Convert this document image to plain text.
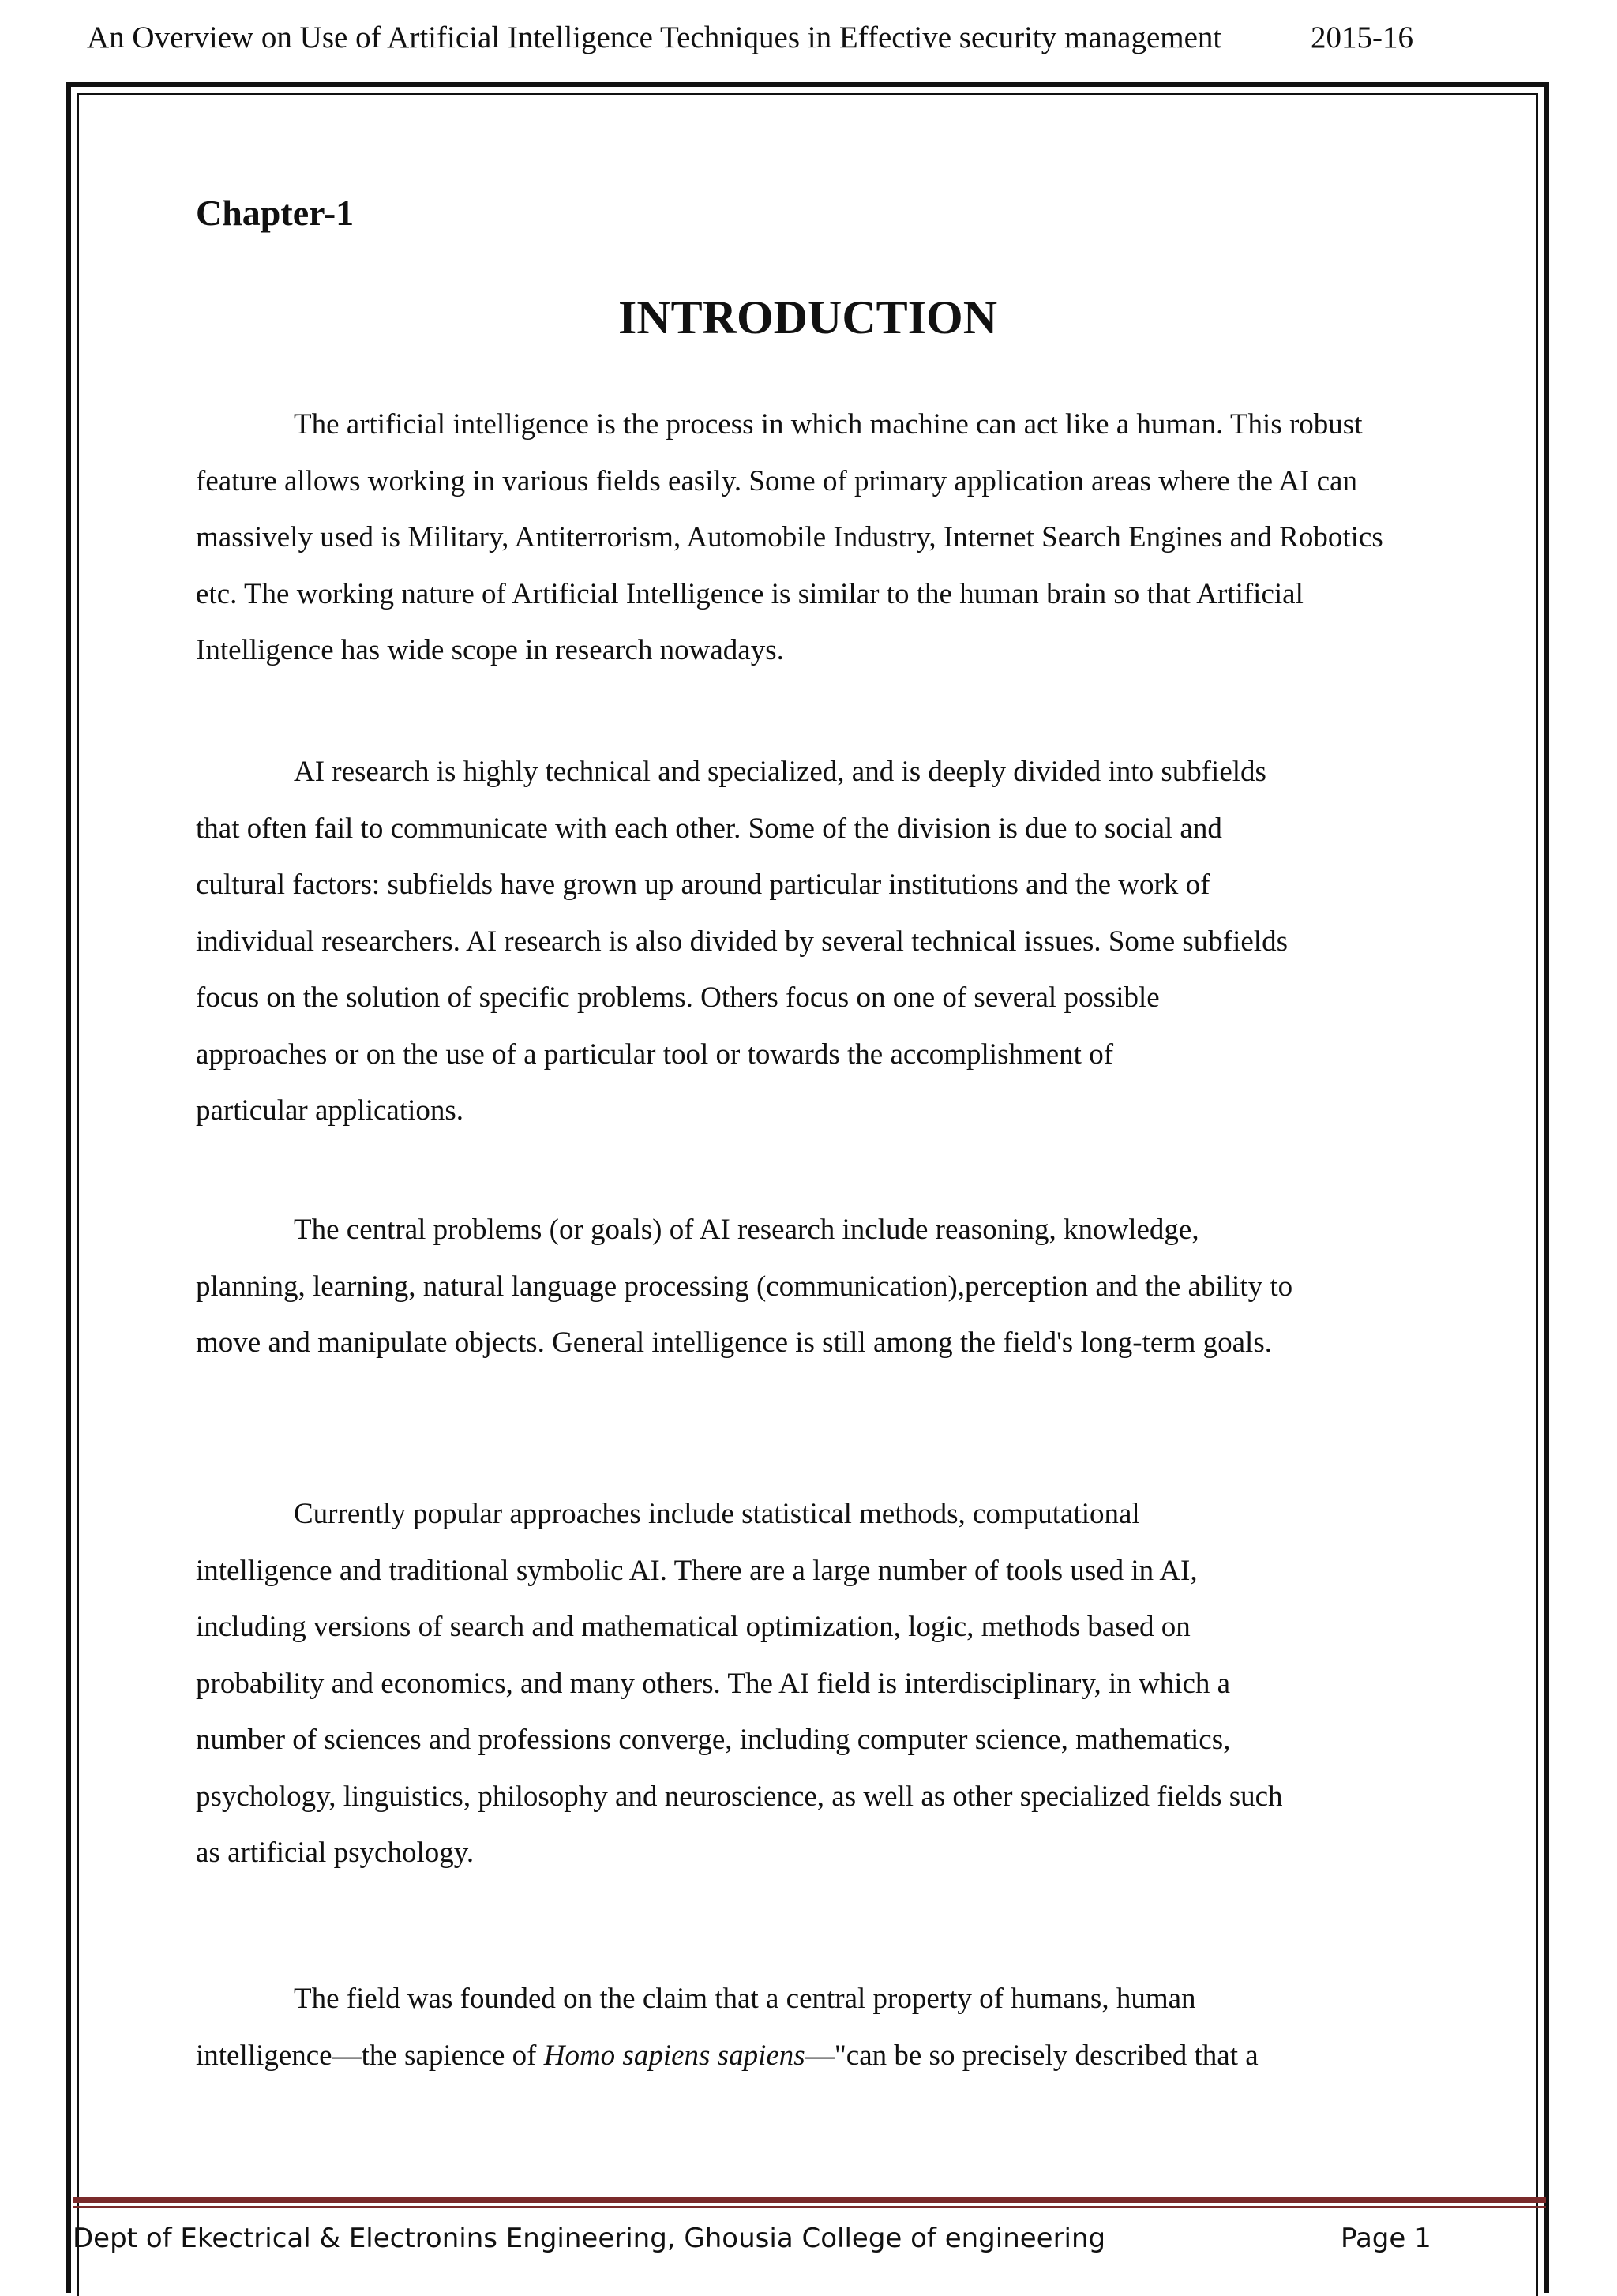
An Overview on Use of Artificial Intelligence Techniques in Effective security management	2015-16
Chapter-1
INTRODUCTION

The artificial intelligence is the process in which machine can act like a human. This robust
feature allows working in various fields easily. Some of primary application areas where the AI can
massively used is Military, Antiterrorism, Automobile Industry, Internet Search Engines and Robotics
etc. The working nature of Artificial Intelligence is similar to the human brain so that Artificial
Intelligence has wide scope in research nowadays.

AI research is highly technical and specialized, and is deeply divided into subfields
that often fail to communicate with each other. Some of the division is due to social and
cultural factors: subfields have grown up around particular institutions and the work of
individual researchers. AI research is also divided by several technical issues. Some subfields
focus on the solution of specific problems. Others focus on one of several possible
approaches or on the use of a particular tool or towards the accomplishment of
particular applications.

The central problems (or goals) of AI research include reasoning, knowledge,
planning, learning, natural language processing (communication),perception and the ability to
move and manipulate objects. General intelligence is still among the field's long-term goals.

Currently popular approaches include statistical methods, computational
intelligence and traditional symbolic AI. There are a large number of tools used in AI,
including versions of search and mathematical optimization, logic, methods based on
probability and economics, and many others. The AI field is interdisciplinary, in which a
number of sciences and professions converge, including computer science, mathematics,
psychology, linguistics, philosophy and neuroscience, as well as other specialized fields such
as artificial psychology.

The field was founded on the claim that a central property of humans, human
intelligence—the sapience of Homo sapiens sapiens—"can be so precisely described that a

Dept of Ekectrical & Electronins Engineering, Ghousia College of engineering	Page 1
